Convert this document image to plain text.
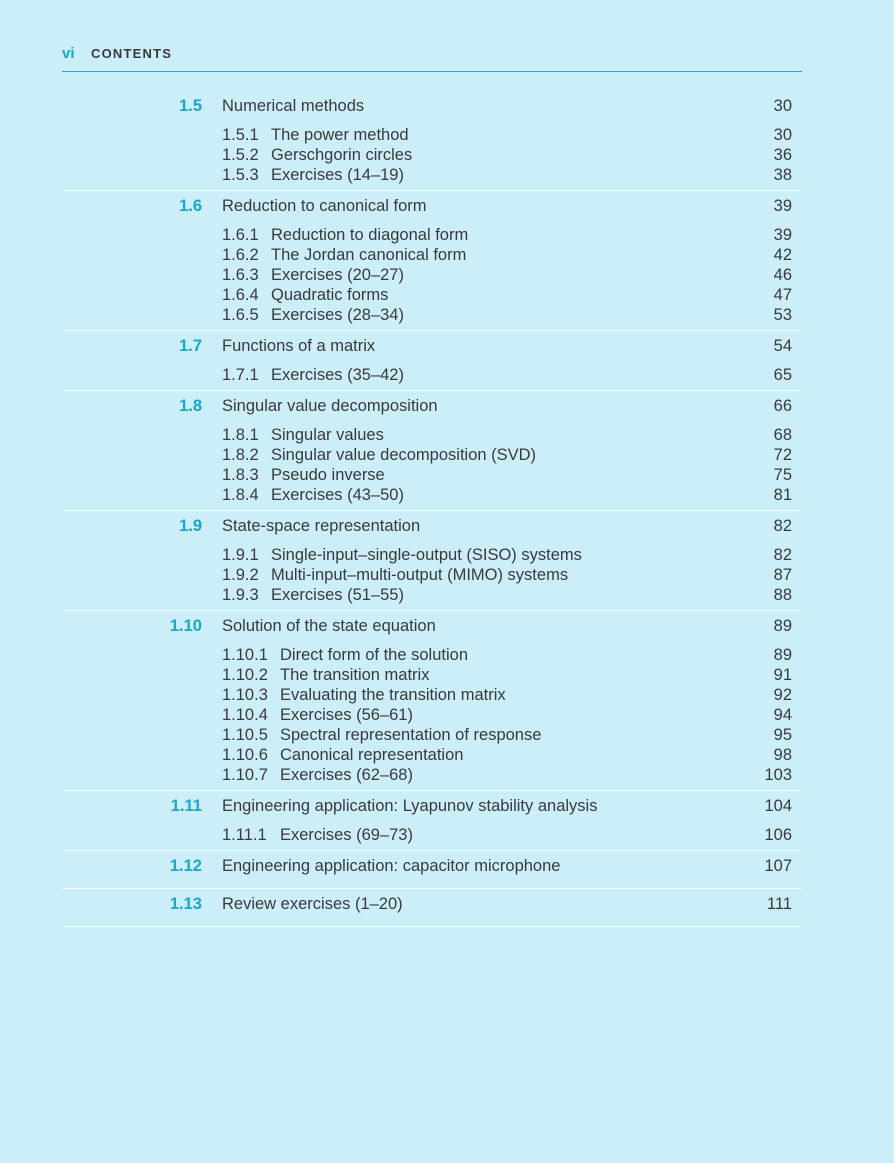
vi CONTENTS
1.5 Numerical methods	30
1.5.1 The power method	30
1.5.2 Gerschgorin circles	36
1.5.3 Exercises (14–19)	38
1.6 Reduction to canonical form	39
1.6.1 Reduction to diagonal form	39
1.6.2 The Jordan canonical form	42
1.6.3 Exercises (20–27)	46
1.6.4 Quadratic forms	47
1.6.5 Exercises (28–34)	53
1.7 Functions of a matrix	54
1.7.1 Exercises (35–42)	65
1.8 Singular value decomposition	66
1.8.1 Singular values	68
1.8.2 Singular value decomposition (SVD)	72
1.8.3 Pseudo inverse	75
1.8.4 Exercises (43–50)	81
1.9 State-space representation	82
1.9.1 Single-input–single-output (SISO) systems	82
1.9.2 Multi-input–multi-output (MIMO) systems	87
1.9.3 Exercises (51–55)	88
1.10 Solution of the state equation	89
1.10.1 Direct form of the solution	89
1.10.2 The transition matrix	91
1.10.3 Evaluating the transition matrix	92
1.10.4 Exercises (56–61)	94
1.10.5 Spectral representation of response	95
1.10.6 Canonical representation	98
1.10.7 Exercises (62–68)	103
1.11 Engineering application: Lyapunov stability analysis	104
1.11.1 Exercises (69–73)	106
1.12 Engineering application: capacitor microphone	107
1.13 Review exercises (1–20)	111
